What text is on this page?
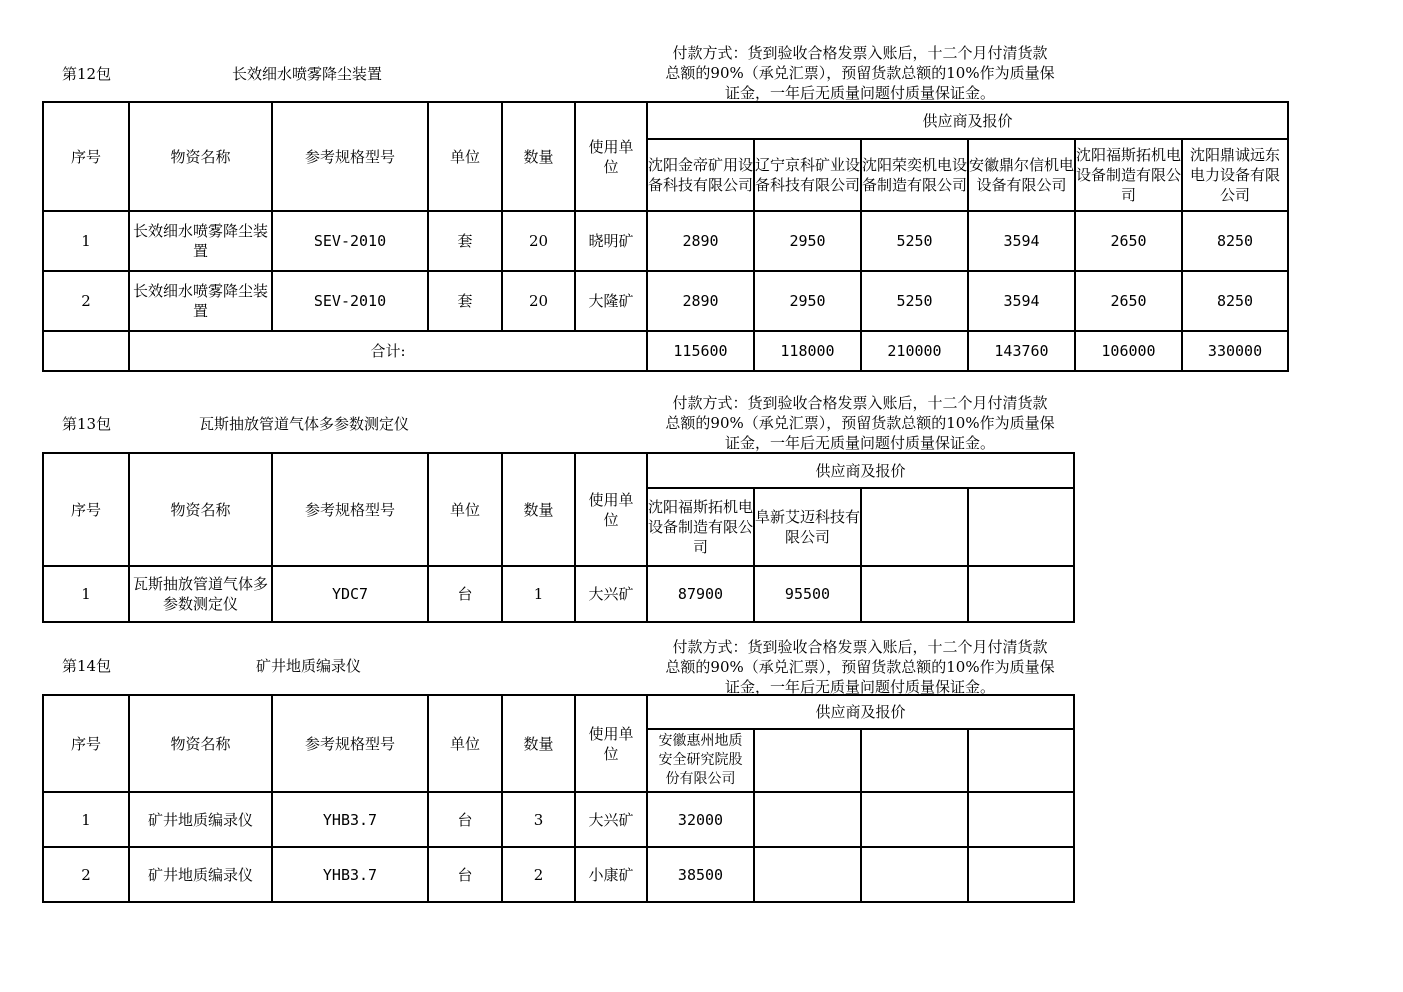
第12包	长效细水喷雾降尘装置
付款方式：货到验收合格发票入账后，十二个月付清货款
总额的90%（承兑汇票），预留货款总额的10%作为质量保
证金，一年后无质量问题付质量保证金。
序号	物资名称	参考规格型号	单位	数量	使用单位	供应商及报价					
						沈阳金帝矿用设备科技有限公司	辽宁京科矿业设备科技有限公司	沈阳荣奕机电设备制造有限公司	安徽鼎尔信机电设备有限公司	沈阳福斯拓机电设备制造有限公司	沈阳鼎诚远东电力设备有限公司
1	长效细水喷雾降尘装置	SEV-2010	套	20	晓明矿	2890	2950	5250	3594	2650	8250
2	长效细水喷雾降尘装置	SEV-2010	套	20	大隆矿	2890	2950	5250	3594	2650	8250
	合计:					115600	118000	210000	143760	106000	330000
第13包	瓦斯抽放管道气体多参数测定仪
付款方式：货到验收合格发票入账后，十二个月付清货款
总额的90%（承兑汇票），预留货款总额的10%作为质量保
证金，一年后无质量问题付质量保证金。
序号	物资名称	参考规格型号	单位	数量	使用单位	供应商及报价			
						沈阳福斯拓机电设备制造有限公司	阜新艾迈科技有限公司		
1	瓦斯抽放管道气体多参数测定仪	YDC7	台	1	大兴矿	87900	95500		
第14包	矿井地质编录仪
付款方式：货到验收合格发票入账后，十二个月付清货款
总额的90%（承兑汇票），预留货款总额的10%作为质量保
证金，一年后无质量问题付质量保证金。
序号	物资名称	参考规格型号	单位	数量	使用单位	供应商及报价			
						安徽惠州地质安全研究院股份有限公司			
1	矿井地质编录仪	YHB3.7	台	3	大兴矿	32000			
2	矿井地质编录仪	YHB3.7	台	2	小康矿	38500			
